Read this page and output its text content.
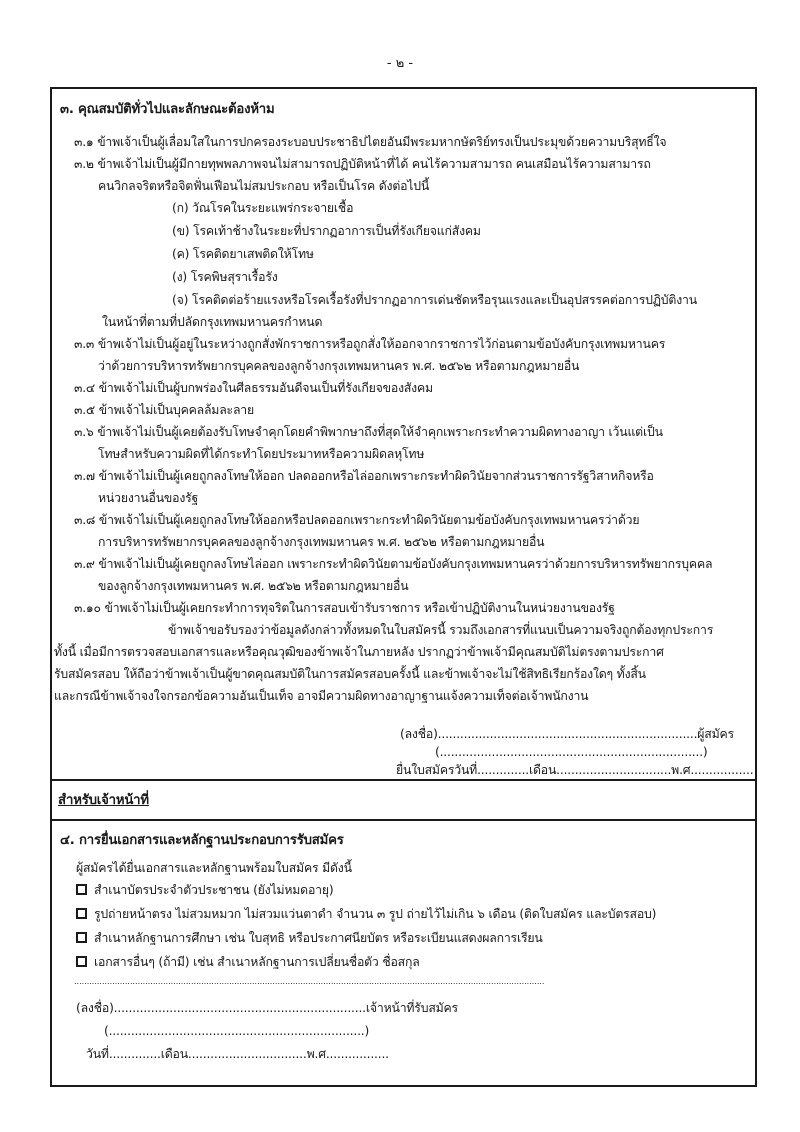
- ๒ -
๓. คุณสมบัติทั่วไปและลักษณะต้องห้าม
๓.๑ ข้าพเจ้าเป็นผู้เลื่อมใสในการปกครองระบอบประชาธิปไตยอันมีพระมหากษัตริย์ทรงเป็นประมุขด้วยความบริสุทธิ์ใจ
๓.๒ ข้าพเจ้าไม่เป็นผู้มีกายทุพพลภาพจนไม่สามารถปฏิบัติหน้าที่ได้ คนไร้ความสามารถ คนเสมือนไร้ความสามารถ
คนวิกลจริตหรือจิตฟั่นเฟือนไม่สมประกอบ หรือเป็นโรค ดังต่อไปนี้
(ก) วัณโรคในระยะแพร่กระจายเชื้อ
(ข) โรคเท้าช้างในระยะที่ปรากฏอาการเป็นที่รังเกียจแก่สังคม
(ค) โรคติดยาเสพติดให้โทษ
(ง) โรคพิษสุราเรื้อรัง
(จ) โรคติดต่อร้ายแรงหรือโรคเรื้อรังที่ปรากฏอาการเด่นชัดหรือรุนแรงและเป็นอุปสรรคต่อการปฏิบัติงาน
ในหน้าที่ตามที่ปลัดกรุงเทพมหานครกำหนด
๓.๓ ข้าพเจ้าไม่เป็นผู้อยู่ในระหว่างถูกสั่งพักราชการหรือถูกสั่งให้ออกจากราชการไว้ก่อนตามข้อบังคับกรุงเทพมหานคร
ว่าด้วยการบริหารทรัพยากรบุคคลของลูกจ้างกรุงเทพมหานคร พ.ศ. ๒๕๖๒ หรือตามกฎหมายอื่น
๓.๔ ข้าพเจ้าไม่เป็นผู้บกพร่องในศีลธรรมอันดีจนเป็นที่รังเกียจของสังคม
๓.๕ ข้าพเจ้าไม่เป็นบุคคลล้มละลาย
๓.๖ ข้าพเจ้าไม่เป็นผู้เคยต้องรับโทษจำคุกโดยคำพิพากษาถึงที่สุดให้จำคุกเพราะกระทำความผิดทางอาญา เว้นแต่เป็น
โทษสำหรับความผิดที่ได้กระทำโดยประมาทหรือความผิดลหุโทษ
๓.๗ ข้าพเจ้าไม่เป็นผู้เคยถูกลงโทษให้ออก ปลดออกหรือไล่ออกเพราะกระทำผิดวินัยจากส่วนราชการรัฐวิสาหกิจหรือ
หน่วยงานอื่นของรัฐ
๓.๘ ข้าพเจ้าไม่เป็นผู้เคยถูกลงโทษให้ออกหรือปลดออกเพราะกระทำผิดวินัยตามข้อบังคับกรุงเทพมหานครว่าด้วย
การบริหารทรัพยากรบุคคลของลูกจ้างกรุงเทพมหานคร พ.ศ. ๒๕๖๒ หรือตามกฎหมายอื่น
๓.๙ ข้าพเจ้าไม่เป็นผู้เคยถูกลงโทษไล่ออก เพราะกระทำผิดวินัยตามข้อบังคับกรุงเทพมหานครว่าด้วยการบริหารทรัพยากรบุคคล
ของลูกจ้างกรุงเทพมหานคร พ.ศ. ๒๕๖๒ หรือตามกฎหมายอื่น
๓.๑๐ ข้าพเจ้าไม่เป็นผู้เคยกระทำการทุจริตในการสอบเข้ารับราชการ หรือเข้าปฏิบัติงานในหน่วยงานของรัฐ
ข้าพเจ้าขอรับรองว่าข้อมูลดังกล่าวทั้งหมดในใบสมัครนี้ รวมถึงเอกสารที่แนบเป็นความจริงถูกต้องทุกประการ
ทั้งนี้ เมื่อมีการตรวจสอบเอกสารและหรือคุณวุฒิของข้าพเจ้าในภายหลัง ปรากฏว่าข้าพเจ้ามีคุณสมบัติไม่ตรงตามประกาศ
รับสมัครสอบ ให้ถือว่าข้าพเจ้าเป็นผู้ขาดคุณสมบัติในการสมัครสอบครั้งนี้ และข้าพเจ้าจะไม่ใช้สิทธิเรียกร้องใดๆ ทั้งสิ้น
และกรณีข้าพเจ้าจงใจกรอกข้อความอันเป็นเท็จ อาจมีความผิดทางอาญาฐานแจ้งความเท็จต่อเจ้าพนักงาน
(ลงชื่อ)......................................................................ผู้สมัคร
(.......................................................................)
ยื่นใบสมัครวันที่..............เดือน...............................พ.ศ.................
สำหรับเจ้าหน้าที่
๔. การยื่นเอกสารและหลักฐานประกอบการรับสมัคร
ผู้สมัครได้ยื่นเอกสารและหลักฐานพร้อมใบสมัคร มีดังนี้
สำเนาบัตรประจำตัวประชาชน (ยังไม่หมดอายุ)
รูปถ่ายหน้าตรง ไม่สวมหมวก ไม่สวมแว่นตาดำ จำนวน ๓ รูป ถ่ายไว้ไม่เกิน ๖ เดือน (ติดใบสมัคร และบัตรสอบ)
สำเนาหลักฐานการศึกษา เช่น ใบสุทธิ หรือประกาศนียบัตร หรือระเบียนแสดงผลการเรียน
เอกสารอื่นๆ (ถ้ามี) เช่น สำเนาหลักฐานการเปลี่ยนชื่อตัว ชื่อสกุล
.........................................................................................................................................................................................
(ลงชื่อ)....................................................................เจ้าหน้าที่รับสมัคร
(.....................................................................)
วันที่..............เดือน................................พ.ศ.................
